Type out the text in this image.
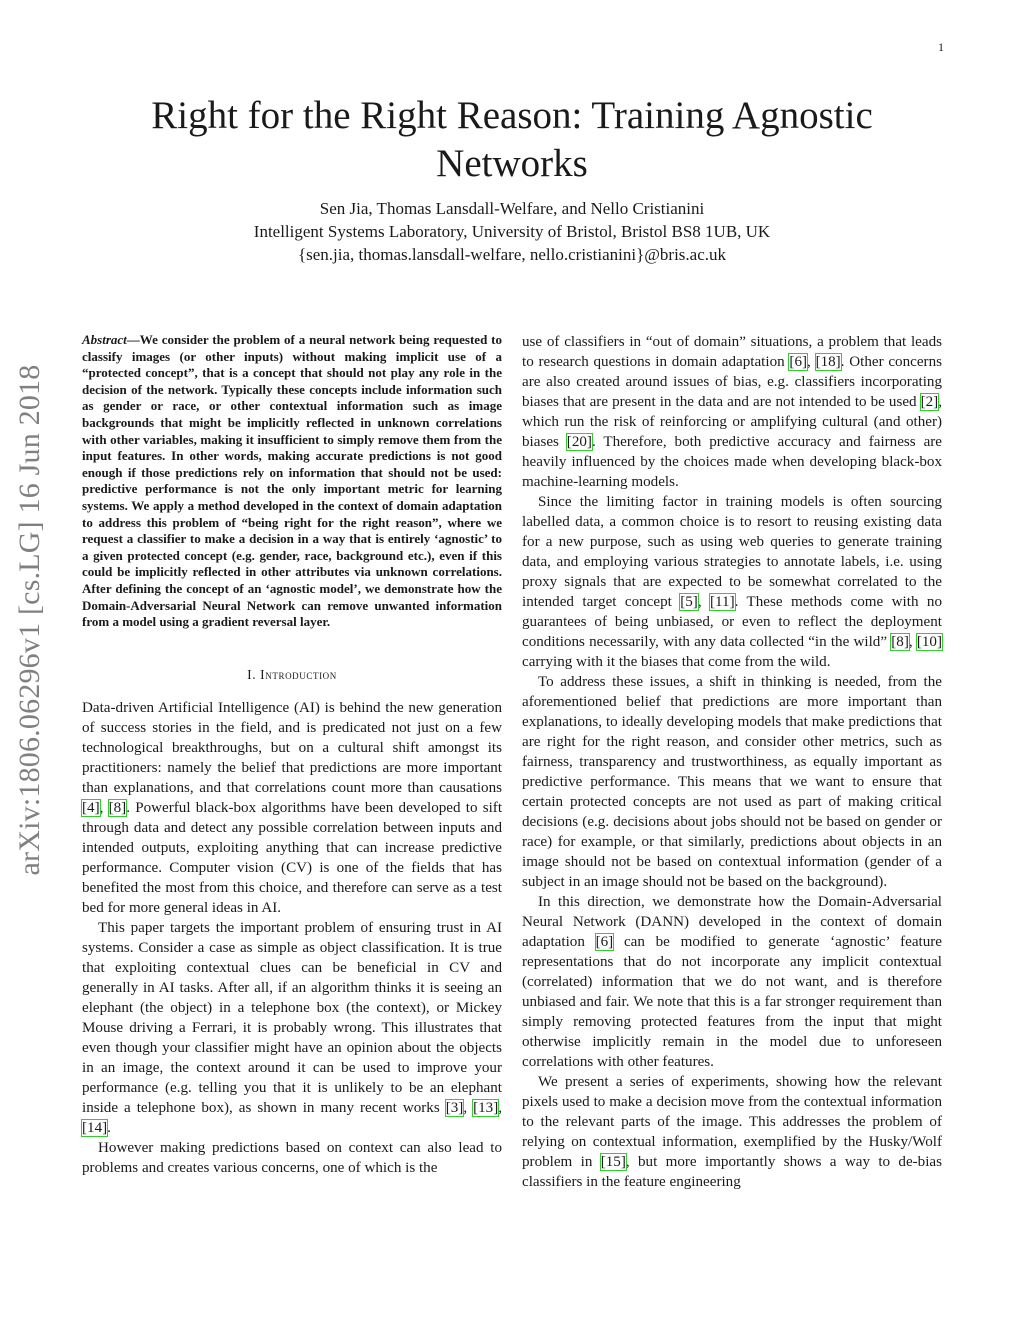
1
arXiv:1806.06296v1 [cs.LG] 16 Jun 2018
Right for the Right Reason: Training Agnostic Networks
Sen Jia, Thomas Lansdall-Welfare, and Nello Cristianini
Intelligent Systems Laboratory, University of Bristol, Bristol BS8 1UB, UK
{sen.jia, thomas.lansdall-welfare, nello.cristianini}@bris.ac.uk

Abstract—We consider the problem of a neural network being requested to classify images (or other inputs) without making implicit use of a “protected concept”, that is a concept that should not play any role in the decision of the network. Typically these concepts include information such as gender or race, or other contextual information such as image backgrounds that might be implicitly reflected in unknown correlations with other variables, making it insufficient to simply remove them from the input features. In other words, making accurate predictions is not good enough if those predictions rely on information that should not be used: predictive performance is not the only important metric for learning systems. We apply a method developed in the context of domain adaptation to address this problem of “being right for the right reason”, where we request a classifier to make a decision in a way that is entirely ‘agnostic’ to a given protected concept (e.g. gender, race, background etc.), even if this could be implicitly reflected in other attributes via unknown correlations. After defining the concept of an ‘agnostic model’, we demonstrate how the Domain-Adversarial Neural Network can remove unwanted information from a model using a gradient reversal layer.

I. Introduction

Data-driven Artificial Intelligence (AI) is behind the new generation of success stories in the field, and is predicated not just on a few technological breakthroughs, but on a cultural shift amongst its practitioners: namely the belief that predictions are more important than explanations, and that correlations count more than causations [4], [8]. Powerful black-box algorithms have been developed to sift through data and detect any possible correlation between inputs and intended outputs, exploiting anything that can increase predictive performance. Computer vision (CV) is one of the fields that has benefited the most from this choice, and therefore can serve as a test bed for more general ideas in AI.

This paper targets the important problem of ensuring trust in AI systems. Consider a case as simple as object classification. It is true that exploiting contextual clues can be beneficial in CV and generally in AI tasks. After all, if an algorithm thinks it is seeing an elephant (the object) in a telephone box (the context), or Mickey Mouse driving a Ferrari, it is probably wrong. This illustrates that even though your classifier might have an opinion about the objects in an image, the context around it can be used to improve your performance (e.g. telling you that it is unlikely to be an elephant inside a telephone box), as shown in many recent works [3], [13], [14].

However making predictions based on context can also lead to problems and creates various concerns, one of which is the

use of classifiers in “out of domain” situations, a problem that leads to research questions in domain adaptation [6], [18]. Other concerns are also created around issues of bias, e.g. classifiers incorporating biases that are present in the data and are not intended to be used [2], which run the risk of reinforcing or amplifying cultural (and other) biases [20]. Therefore, both predictive accuracy and fairness are heavily influenced by the choices made when developing black-box machine-learning models.

Since the limiting factor in training models is often sourcing labelled data, a common choice is to resort to reusing existing data for a new purpose, such as using web queries to generate training data, and employing various strategies to annotate labels, i.e. using proxy signals that are expected to be somewhat correlated to the intended target concept [5], [11]. These methods come with no guarantees of being unbiased, or even to reflect the deployment conditions necessarily, with any data collected “in the wild” [8], [10] carrying with it the biases that come from the wild.

To address these issues, a shift in thinking is needed, from the aforementioned belief that predictions are more important than explanations, to ideally developing models that make predictions that are right for the right reason, and consider other metrics, such as fairness, transparency and trustworthiness, as equally important as predictive performance. This means that we want to ensure that certain protected concepts are not used as part of making critical decisions (e.g. decisions about jobs should not be based on gender or race) for example, or that similarly, predictions about objects in an image should not be based on contextual information (gender of a subject in an image should not be based on the background).

In this direction, we demonstrate how the Domain-Adversarial Neural Network (DANN) developed in the context of domain adaptation [6] can be modified to generate ‘agnostic’ feature representations that do not incorporate any implicit contextual (correlated) information that we do not want, and is therefore unbiased and fair. We note that this is a far stronger requirement than simply removing protected features from the input that might otherwise implicitly remain in the model due to unforeseen correlations with other features.

We present a series of experiments, showing how the relevant pixels used to make a decision move from the contextual information to the relevant parts of the image. This addresses the problem of relying on contextual information, exemplified by the Husky/Wolf problem in [15], but more importantly shows a way to de-bias classifiers in the feature engineering
